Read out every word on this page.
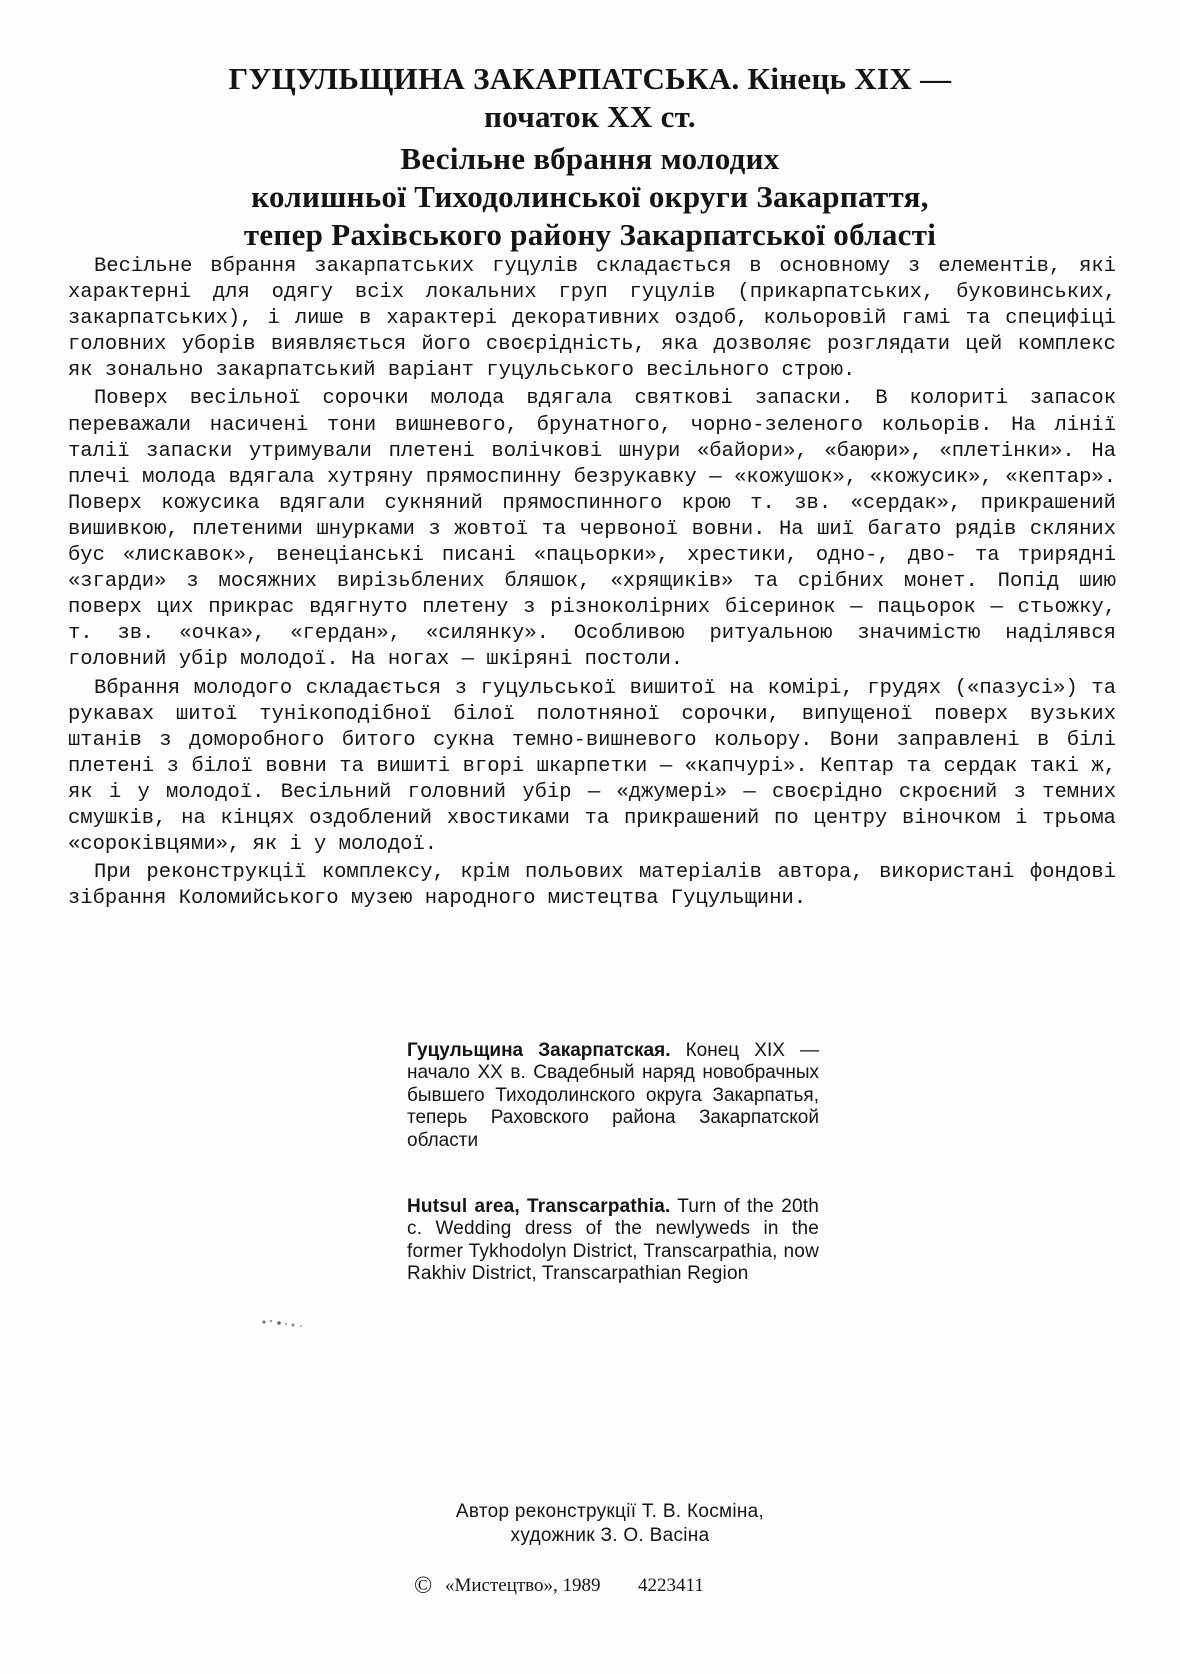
ГУЦУЛЬЩИНА ЗАКАРПАТСЬКА. Кінець XIX —
початок XX ст.
Весільне вбрання молодих
колишньої Тиходолинської округи Закарпаття,
тепер Рахівського району Закарпатської області

Весільне вбрання закарпатських гуцулів складається в основному з елементів, які характерні для одягу всіх локальних груп гуцулів (прикарпатських, буковинських, закарпатських), і лише в характері декоративних оздоб, кольоровій гамі та специфіці головних уборів виявляється його своєрідність, яка дозволяє розглядати цей комплекс як зонально закарпатський варіант гуцульського весільного строю.

Поверх весільної сорочки молода вдягала святкові запаски. В колориті запасок переважали насичені тони вишневого, брунатного, чорно-зеленого кольорів. На лінії талії запаски утримували плетені волічкові шнури «байори», «баюри», «плетінки». На плечі молода вдягала хутряну прямоспинну безрукавку — «кожушок», «кожусик», «кептар». Поверх кожусика вдягали сукняний прямоспинного крою т. зв. «сердак», прикрашений вишивкою, плетеними шнурками з жовтої та червоної вовни. На шиї багато рядів скляних бус «лискавок», венеціанські писані «пацьорки», хрестики, одно-, дво- та трирядні «згарди» з мосяжних вирізьблених бляшок, «хрящиків» та срібних монет. Попід шию поверх цих прикрас вдягнуто плетену з різноколірних бісеринок — пацьорок — стьожку, т. зв. «очка», «гердан», «силянку». Особливою ритуальною значимістю наділявся головний убір молодої. На ногах — шкіряні постоли.

Вбрання молодого складається з гуцульської вишитої на комірі, грудях («пазусі») та рукавах шитої тунікоподібної білої полотняної сорочки, випущеної поверх вузьких штанів з доморобного битого сукна темно-вишневого кольору. Вони заправлені в білі плетені з білої вовни та вишиті вгорі шкарпетки — «капчурі». Кептар та сердак такі ж, як і у молодої. Весільний головний убір — «джумері» — своєрідно скроєний з темних смушків, на кінцях оздоблений хвостиками та прикрашений по центру віночком і трьома «сороківцями», як і у молодої.

При реконструкції комплексу, крім польових матеріалів автора, використані фондові зібрання Коломийського музею народного мистецтва Гуцульщини.

Гуцульщина Закарпатская. Конец XIX — начало XX в. Свадебный наряд новобрачных бывшего Тиходолинского округа Закарпатья, теперь Раховского района Закарпатской области
Hutsul area, Transcarpathia. Turn of the 20th c. Wedding dress of the newlyweds in the former Tykhodolyn District, Transcarpathia, now Rakhiv District, Transcarpathian Region
Автор реконструкції Т. В. Косміна,
художник З. О. Васіна
© «Мистецтво», 1989 4223411
